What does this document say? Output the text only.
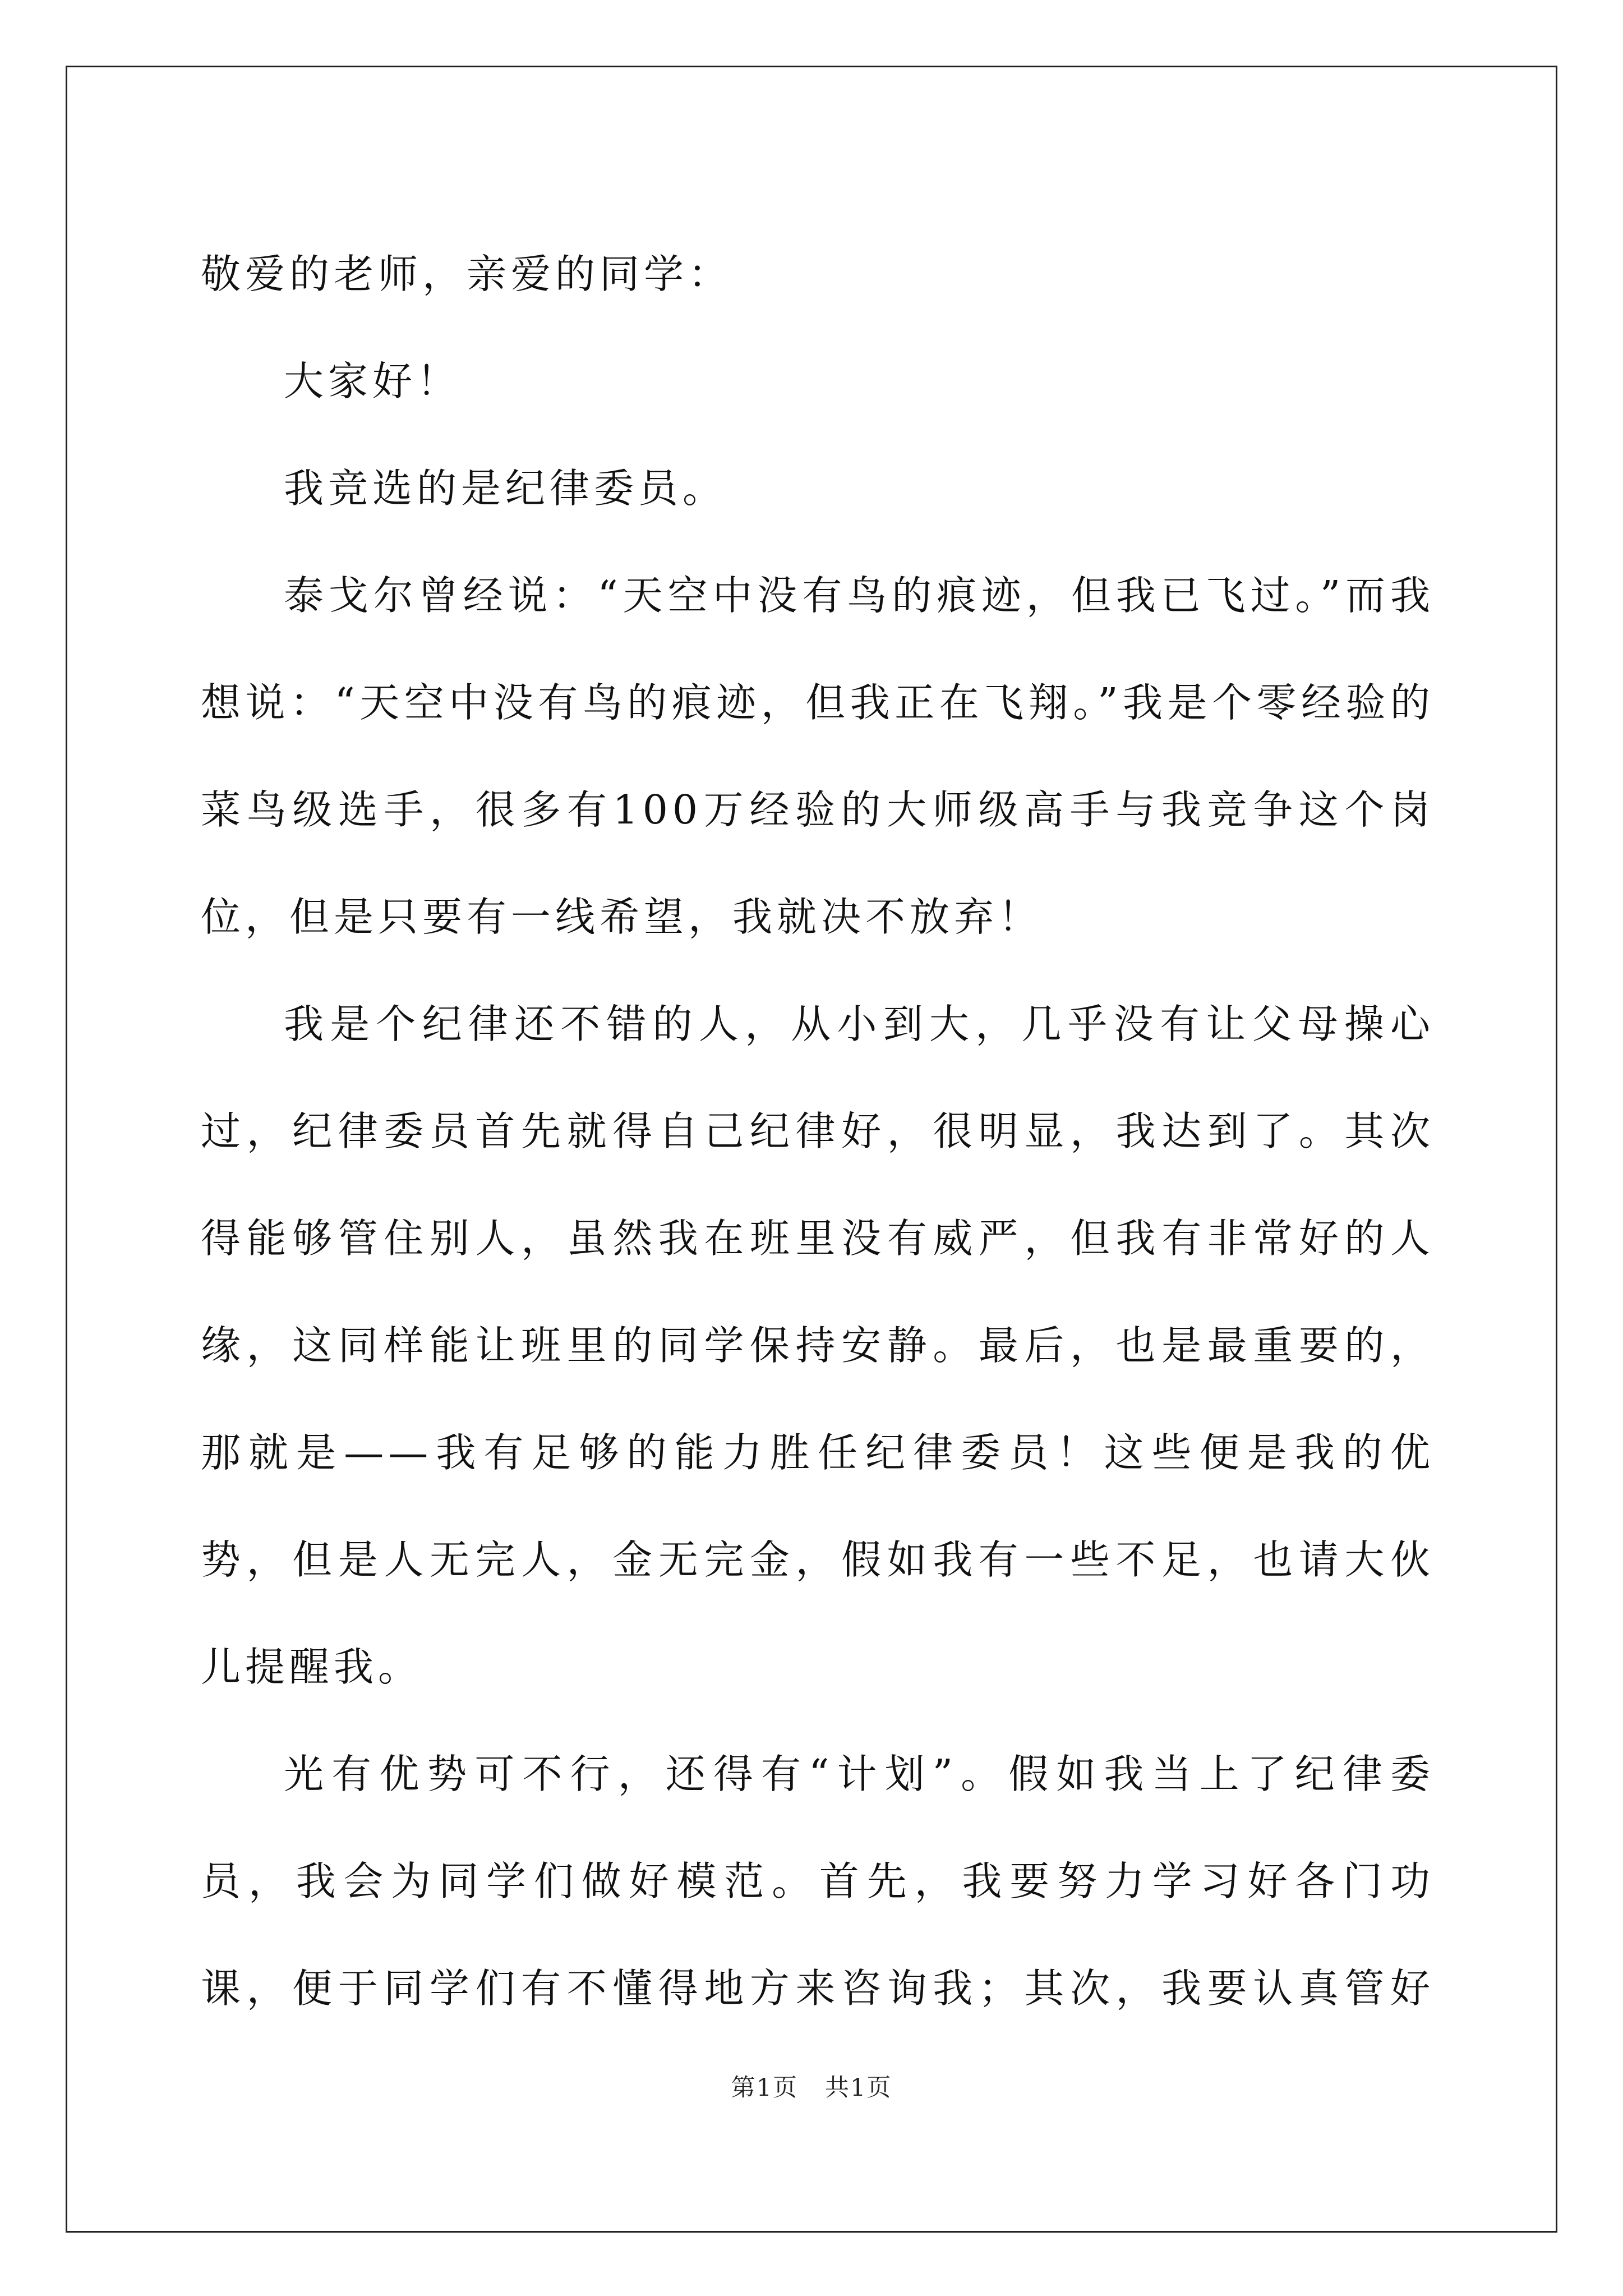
敬爱的老师，亲爱的同学：

大家好！

我竞选的是纪律委员。

泰戈尔曾经说：“天空中没有鸟的痕迹，但我已飞过。”而我想说：“天空中没有鸟的痕迹，但我正在飞翔。”我是个零经验的菜鸟级选手，很多有100万经验的大师级高手与我竞争这个岗位，但是只要有一线希望，我就决不放弃！

我是个纪律还不错的人，从小到大，几乎没有让父母操心过，纪律委员首先就得自己纪律好，很明显，我达到了。其次得能够管住别人，虽然我在班里没有威严，但我有非常好的人缘，这同样能让班里的同学保持安静。最后，也是最重要的，那就是——我有足够的能力胜任纪律委员！这些便是我的优势，但是人无完人，金无完金，假如我有一些不足，也请大伙儿提醒我。

光有优势可不行，还得有“计划”。假如我当上了纪律委员，我会为同学们做好模范。首先，我要努力学习好各门功课，便于同学们有不懂得地方来咨询我；其次，我要认真管好

第1页 共1页
